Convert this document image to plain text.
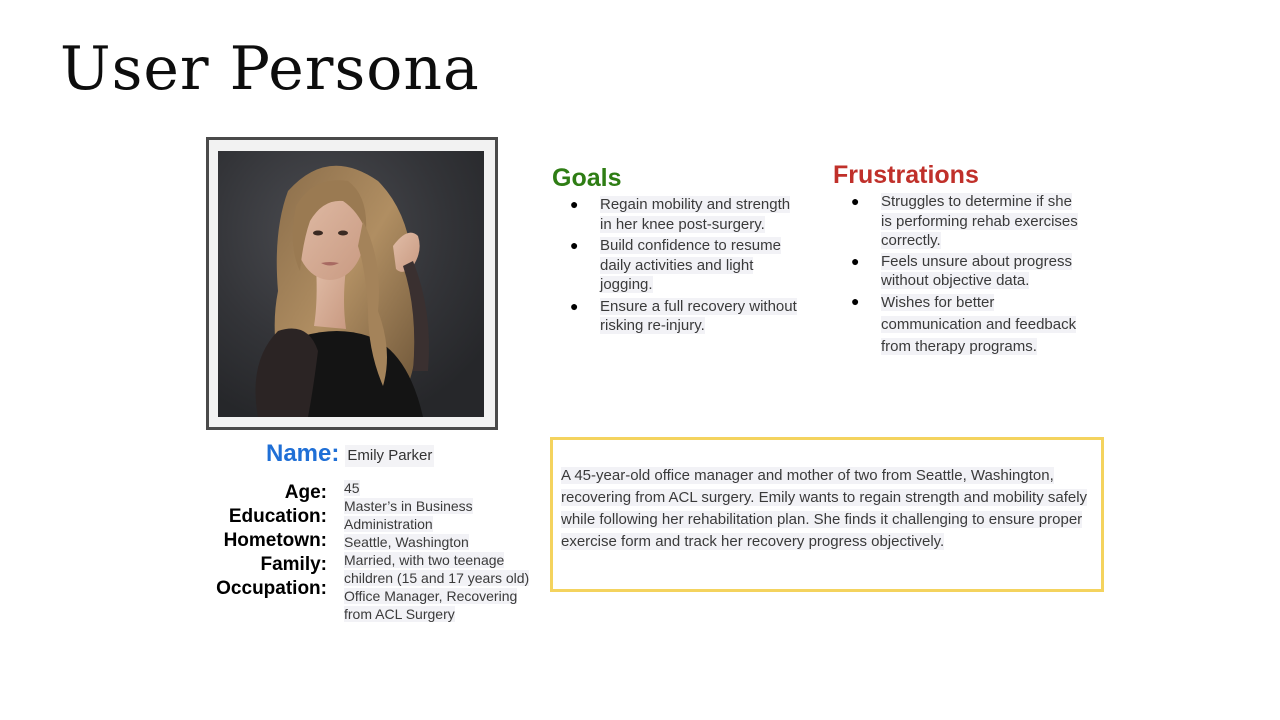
User Persona
Name: Emily Parker
Age:
Education:
Hometown:
Family:
Occupation:
45
Master’s in Business Administration
Seattle, Washington
Married, with two teenage children (15 and 17 years old)
Office Manager, Recovering from ACL Surgery
Goals
● Regain mobility and strength in her knee post-surgery.
● Build confidence to resume daily activities and light jogging.
● Ensure a full recovery without risking re-injury.
Frustrations
● Struggles to determine if she is performing rehab exercises correctly.
● Feels unsure about progress without objective data.
● Wishes for better communication and feedback from therapy programs.
A 45-year-old office manager and mother of two from Seattle, Washington, recovering from ACL surgery. Emily wants to regain strength and mobility safely while following her rehabilitation plan. She finds it challenging to ensure proper exercise form and track her recovery progress objectively.
